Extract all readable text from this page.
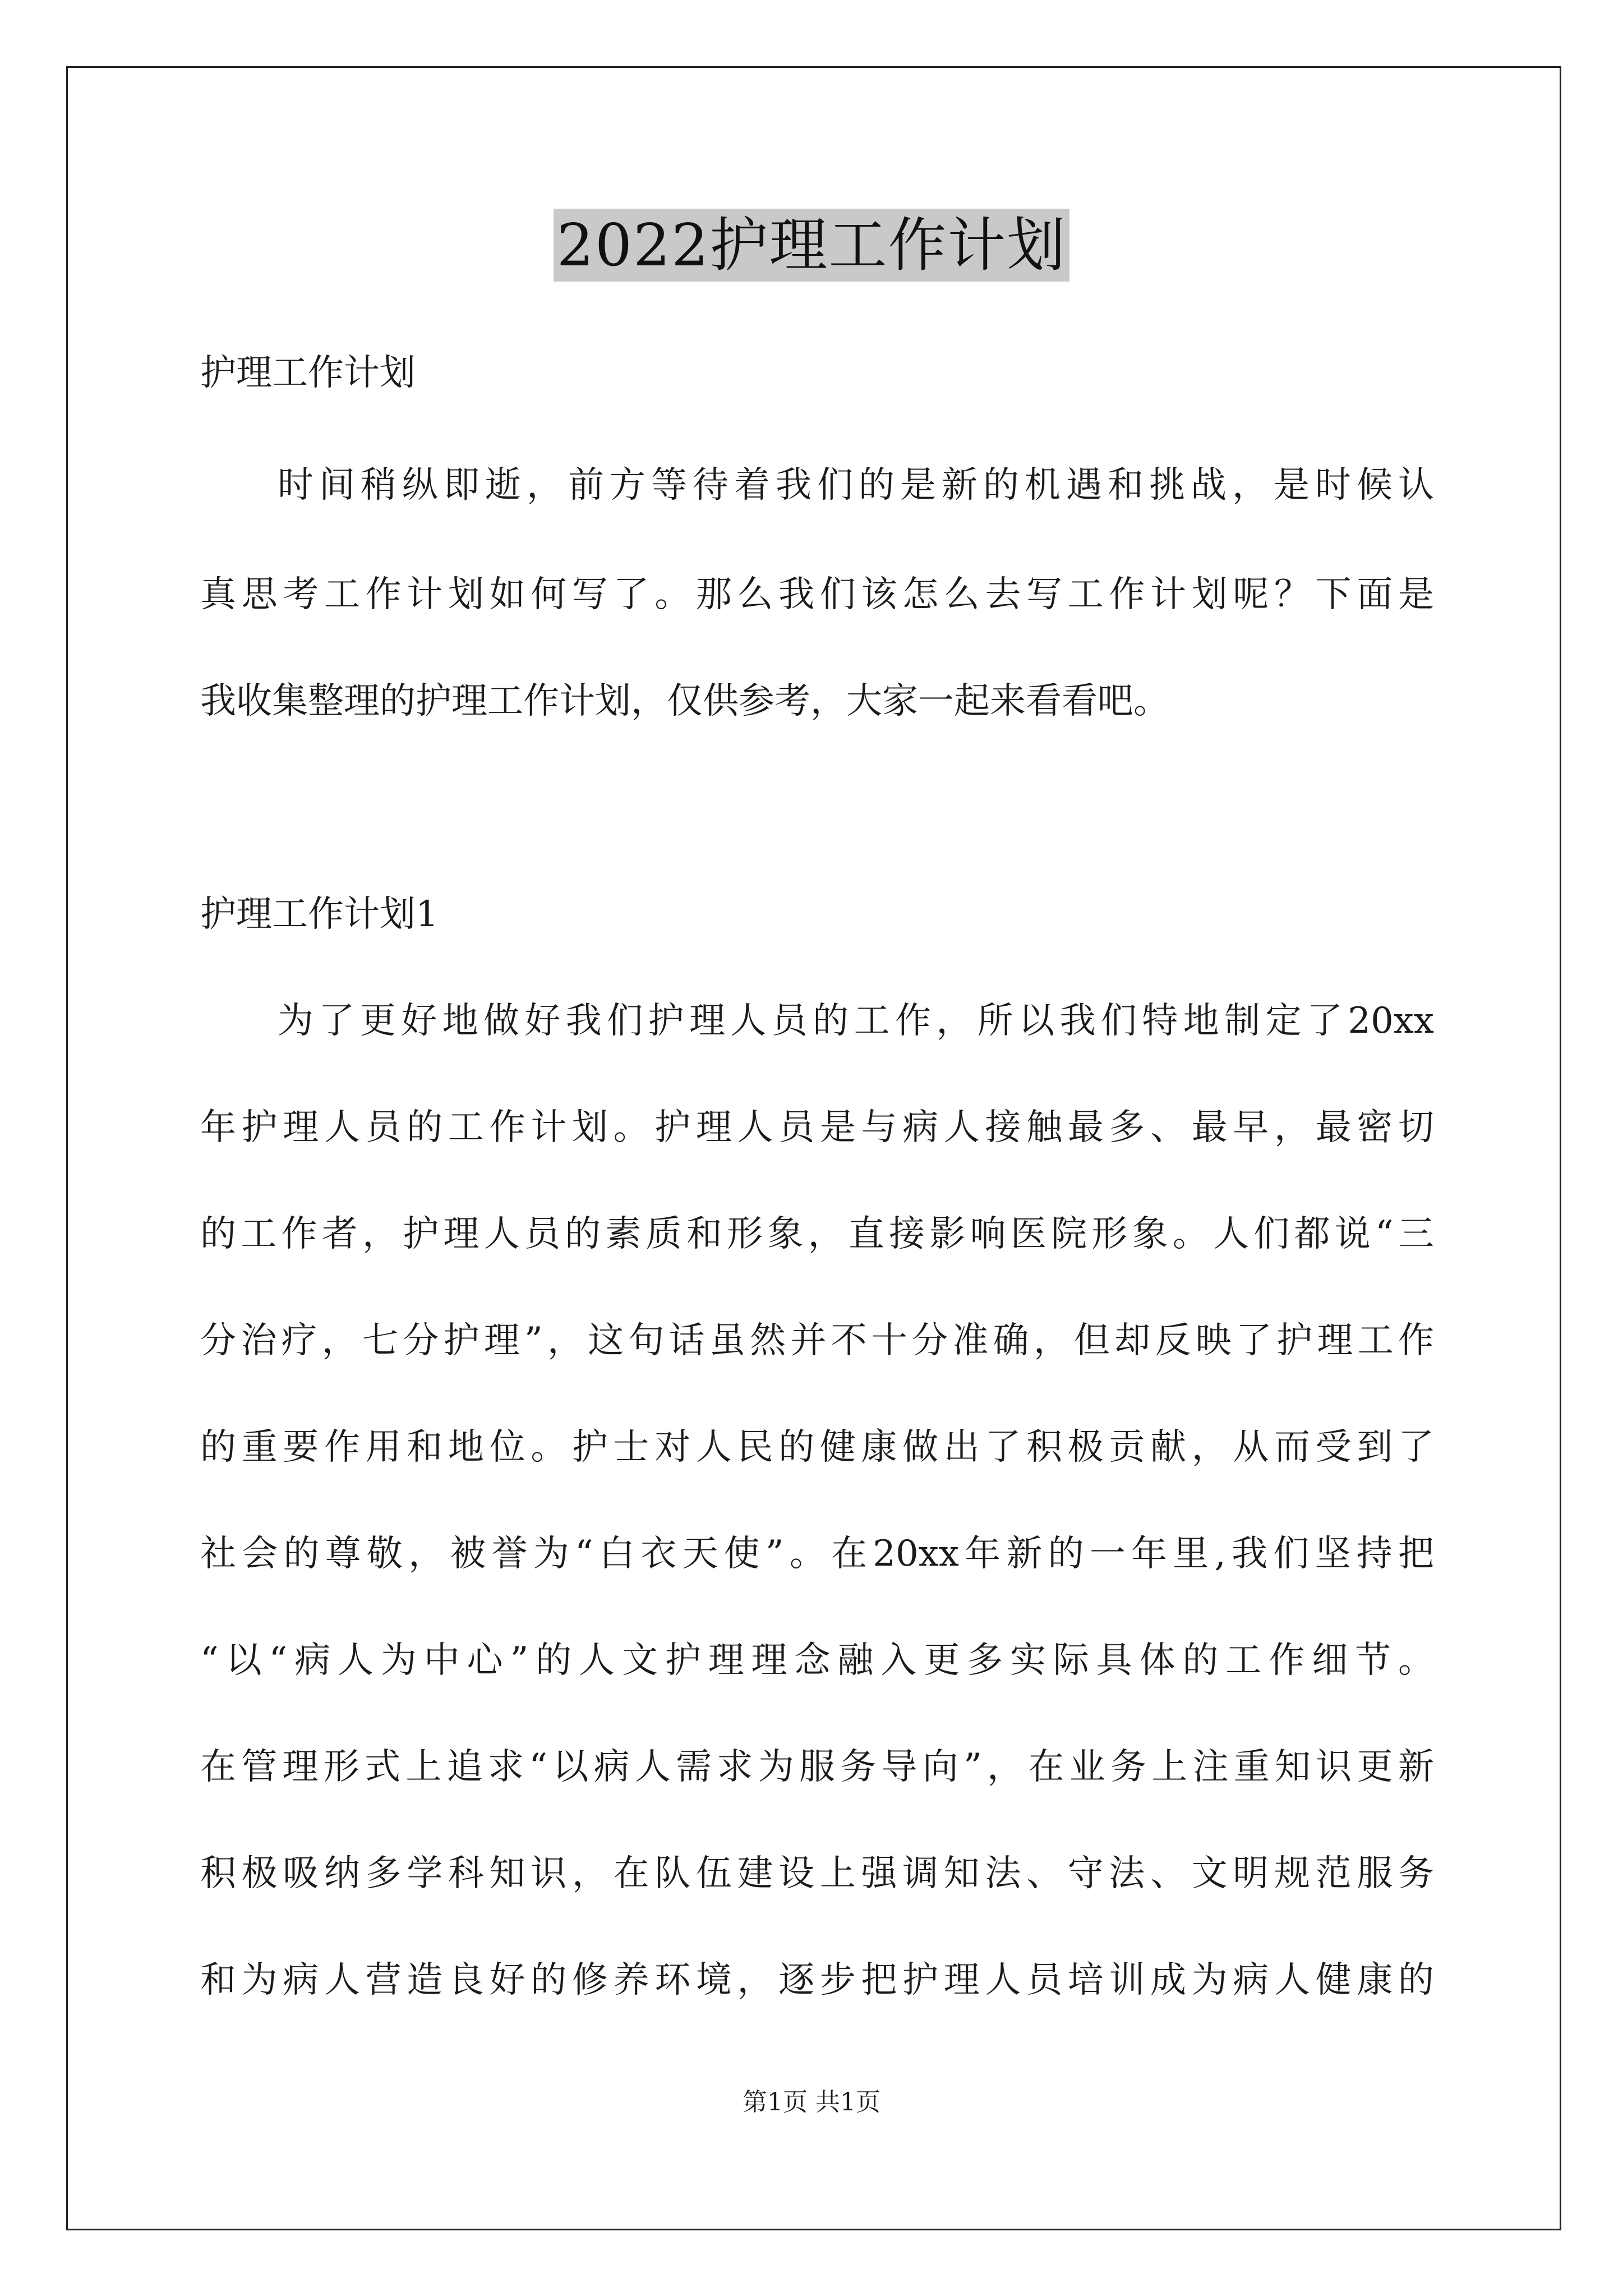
2022护理工作计划
护理工作计划
时间稍纵即逝，前方等待着我们的是新的机遇和挑战，是时候认
真思考工作计划如何写了。那么我们该怎么去写工作计划呢？下面是
我收集整理的护理工作计划，仅供参考，大家一起来看看吧。
护理工作计划1
为了更好地做好我们护理人员的工作，所以我们特地制定了20xx
年护理人员的工作计划。护理人员是与病人接触最多、最早，最密切
的工作者，护理人员的素质和形象，直接影响医院形象。人们都说“三
分治疗，七分护理”，这句话虽然并不十分准确，但却反映了护理工作
的重要作用和地位。护士对人民的健康做出了积极贡献，从而受到了
社会的尊敬，被誉为“白衣天使”。在20xx年新的一年里,我们坚持把
“以“病人为中心”的人文护理理念融入更多实际具体的工作细节。
在管理形式上追求“以病人需求为服务导向”，在业务上注重知识更新
积极吸纳多学科知识，在队伍建设上强调知法、守法、文明规范服务
和为病人营造良好的修养环境，逐步把护理人员培训成为病人健康的
第1页 共1页
